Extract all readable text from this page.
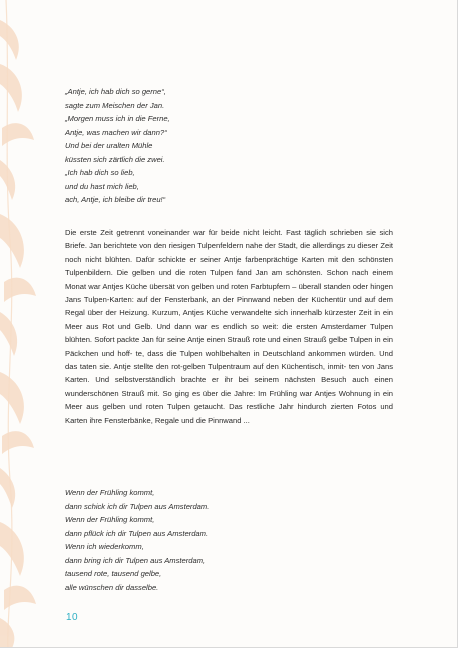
„Antje, ich hab dich so gerne“,
sagte zum Meischen der Jan.
„Morgen muss ich in die Ferne,
Antje, was machen wir dann?“
Und bei der uralten Mühle
küssten sich zärtlich die zwei.
„Ich hab dich so lieb,
und du hast mich lieb,
ach, Antje, ich bleibe dir treu!“
Die erste Zeit getrennt voneinander war für beide nicht leicht. Fast täglich schrieben sie sich Briefe. Jan berichtete von den riesigen Tulpenfeldern nahe der Stadt, die allerdings zu dieser Zeit noch nicht blühten. Dafür schickte er seiner Antje farbenprächtige Karten mit den schönsten Tulpenbildern. Die gelben und die roten Tulpen fand Jan am schönsten. Schon nach einem Monat war Antjes Küche übersät von gelben und roten Farbtupfern – überall standen oder hingen Jans Tulpen-Karten: auf der Fensterbank, an der Pinnwand neben der Küchentür und auf dem Regal über der Heizung. Kurzum, Antjes Küche verwandelte sich innerhalb kürzester Zeit in ein Meer aus Rot und Gelb. Und dann war es endlich so weit: die ersten Amsterdamer Tulpen blühten. Sofort packte Jan für seine Antje einen Strauß rote und einen Strauß gelbe Tulpen in ein Päckchen und hoff- te, dass die Tulpen wohlbehalten in Deutschland ankommen würden. Und das taten sie. Antje stellte den rot-gelben Tulpentraum auf den Küchentisch, inmit- ten von Jans Karten. Und selbstverständlich brachte er ihr bei seinem nächsten Besuch auch einen wunderschönen Strauß mit. So ging es über die Jahre: Im Frühling war Antjes Wohnung in ein Meer aus gelben und roten Tulpen getaucht. Das restliche Jahr hindurch zierten Fotos und Karten ihre Fensterbänke, Regale und die Pinnwand ...
Wenn der Frühling kommt,
dann schick ich dir Tulpen aus Amsterdam.
Wenn der Frühling kommt,
dann pflück ich dir Tulpen aus Amsterdam.
Wenn ich wiederkomm,
dann bring ich dir Tulpen aus Amsterdam,
tausend rote, tausend gelbe,
alle wünschen dir dasselbe.
10
